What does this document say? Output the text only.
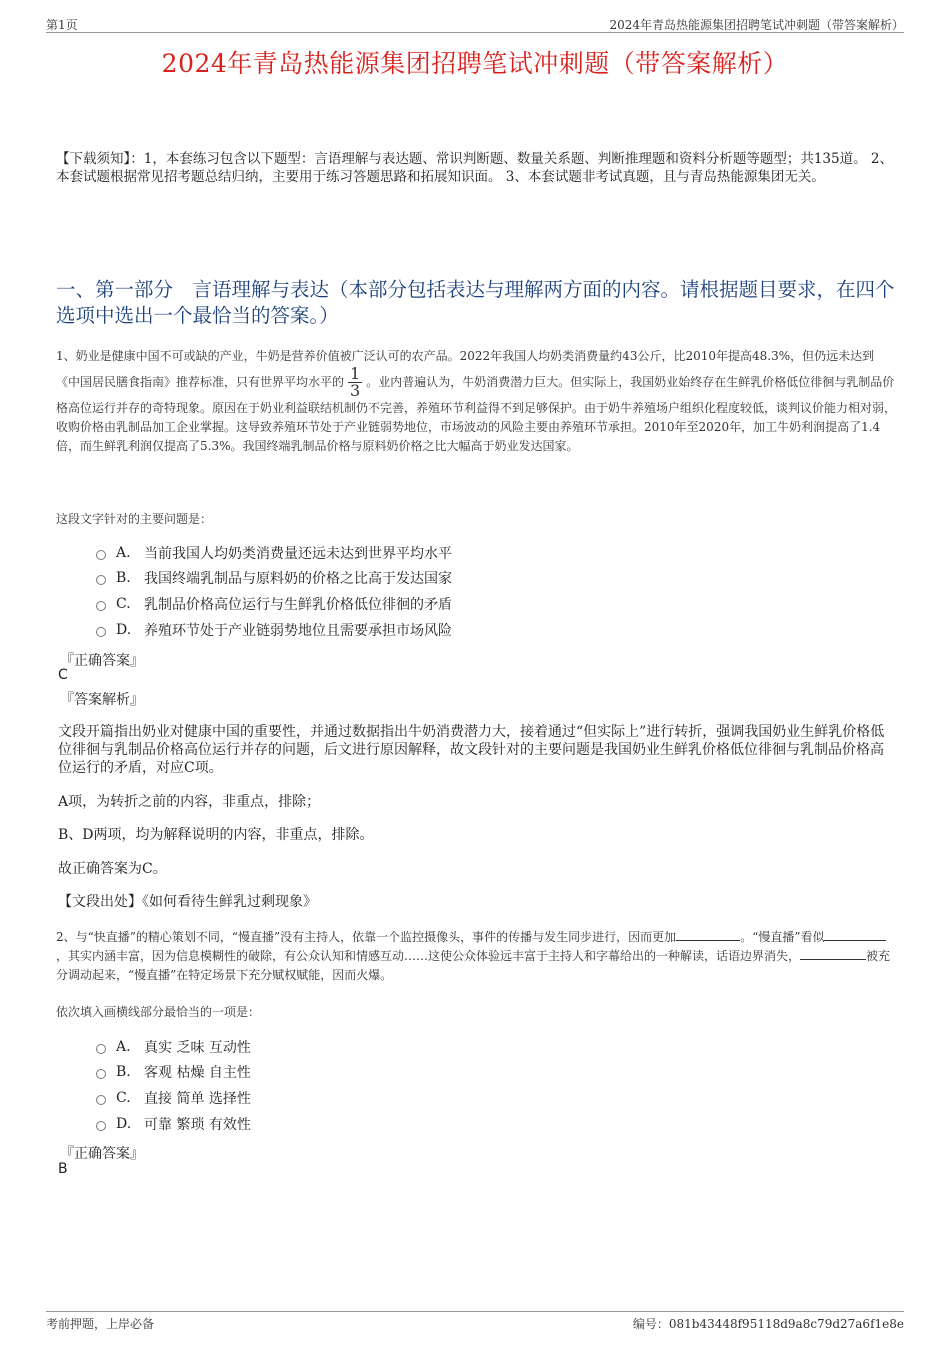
第1页	2024年青岛热能源集团招聘笔试冲刺题（带答案解析）
2024年青岛热能源集团招聘笔试冲刺题（带答案解析）
【下载须知】：1，本套练习包含以下题型：言语理解与表达题、常识判断题、数量关系题、判断推理题和资料分析题等题型；共135道。 2、本套试题根据常见招考题总结归纳，主要用于练习答题思路和拓展知识面。 3、本套试题非考试真题，且与青岛热能源集团无关。
一、第一部分　言语理解与表达（本部分包括表达与理解两方面的内容。请根据题目要求，在四个选项中选出一个最恰当的答案。）
1、奶业是健康中国不可或缺的产业，牛奶是营养价值被广泛认可的农产品。2022年我国人均奶类消费量约43公斤，比2010年提高48.3%，但仍远未达到《中国居民膳食指南》推荐标准，只有世界平均水平的 $\frac{1}{3}$ 。业内普遍认为，牛奶消费潜力巨大。但实际上，我国奶业始终存在生鲜乳价格低位徘徊与乳制品价格高位运行并存的奇特现象。原因在于奶业利益联结机制仍不完善，养殖环节利益得不到足够保护。由于奶牛养殖场户组织化程度较低，谈判议价能力相对弱，收购价格由乳制品加工企业掌握。这导致养殖环节处于产业链弱势地位，市场波动的风险主要由养殖环节承担。2010年至2020年，加工牛奶利润提高了1.4倍，而生鲜乳利润仅提高了5.3%。我国终端乳制品价格与原料奶价格之比大幅高于奶业发达国家。
这段文字针对的主要问题是：
A. 当前我国人均奶类消费量还远未达到世界平均水平
B. 我国终端乳制品与原料奶的价格之比高于发达国家
C. 乳制品价格高位运行与生鲜乳价格低位徘徊的矛盾
D. 养殖环节处于产业链弱势地位且需要承担市场风险
『正确答案』
C
『答案解析』
文段开篇指出奶业对健康中国的重要性，并通过数据指出牛奶消费潜力大，接着通过“但实际上”进行转折，强调我国奶业生鲜乳价格低位徘徊与乳制品价格高位运行并存的问题，后文进行原因解释，故文段针对的主要问题是我国奶业生鲜乳价格低位徘徊与乳制品价格高位运行的矛盾，对应C项。
A项，为转折之前的内容，非重点，排除；
B、D两项，均为解释说明的内容，非重点，排除。
故正确答案为C。
【文段出处】《如何看待生鲜乳过剩现象》
2、与“快直播”的精心策划不同，“慢直播”没有主持人，依靠一个监控摄像头，事件的传播与发生同步进行，因而更加	。“慢直播”看似，其实内涵丰富，因为信息模糊性的破除，有公众认知和情感互动……这使公众体验远丰富于主持人和字幕给出的一种解读，话语边界消失，	被充分调动起来，“慢直播”在特定场景下充分赋权赋能，因而火爆。
依次填入画横线部分最恰当的一项是：
A. 真实 乏味 互动性
B. 客观 枯燥 自主性
C. 直接 简单 选择性
D. 可靠 繁琐 有效性
『正确答案』
B
考前押题，上岸必备	编号：081b43448f95118d9a8c79d27a6f1e8e
